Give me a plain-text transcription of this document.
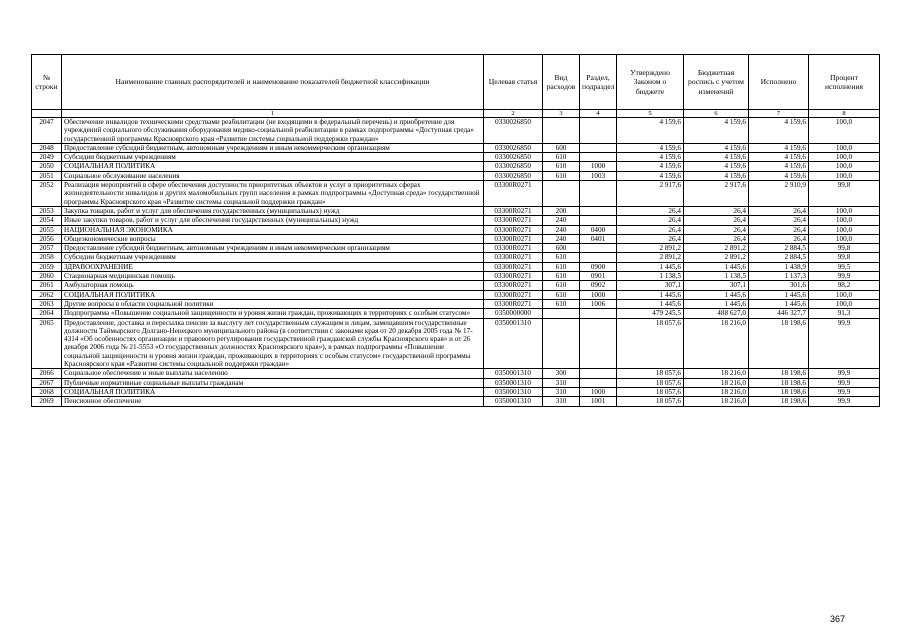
№ строки	Наименование главных распорядителей и наименование показателей бюджетной классификации	Целевая статья	Вид расходов	Раздел, подраздел	Утверждено Законом о бюджете	Бюджетная роспись с учетом изменений	Исполнено	Процент исполнения
	1	2	3	4	5	6	7	8
2047	Обеспечение инвалидов техническими средствами реабилитации (не входящими в федеральный перечень) и приобретение для учреждений социального обслуживания оборудования медико-социальной реабилитации в рамках подпрограммы «Доступная среда» государственной программы Красноярского края «Развитие системы социальной поддержки граждан»	0330026850			4 159,6	4 159,6	4 159,6	100,0
2048	Предоставление субсидий бюджетным, автономным учреждениям и иным некоммерческим организациям	0330026850	600		4 159,6	4 159,6	4 159,6	100,0
2049	Субсидии бюджетным учреждениям	0330026850	610		4 159,6	4 159,6	4 159,6	100,0
2050	СОЦИАЛЬНАЯ ПОЛИТИКА	0330026850	610	1000	4 159,6	4 159,6	4 159,6	100,0
2051	Социальное обслуживание населения	0330026850	610	1003	4 159,6	4 159,6	4 159,6	100,0
2052	Реализация мероприятий в сфере обеспечения доступности приоритетных объектов и услуг в приоритетных сферах жизнедеятельности инвалидов и других маломобильных групп населения в рамках подпрограммы «Доступная среда» государственной программы Красноярского края «Развитие системы социальной поддержки граждан»	03300R0271			2 917,6	2 917,6	2 910,9	99,8
2053	Закупка товаров, работ и услуг для обеспечения государственных (муниципальных) нужд	03300R0271	200		26,4	26,4	26,4	100,0
2054	Иные закупки товаров, работ и услуг для обеспечения государственных (муниципальных) нужд	03300R0271	240		26,4	26,4	26,4	100,0
2055	НАЦИОНАЛЬНАЯ ЭКОНОМИКА	03300R0271	240	0400	26,4	26,4	26,4	100,0
2056	Общеэкономические вопросы	03300R0271	240	0401	26,4	26,4	26,4	100,0
2057	Предоставление субсидий бюджетным, автономным учреждениям и иным некоммерческим организациям	03300R0271	600		2 891,2	2 891,2	2 884,5	99,8
2058	Субсидии бюджетным учреждениям	03300R0271	610		2 891,2	2 891,2	2 884,5	99,8
2059	ЗДРАВООХРАНЕНИЕ	03300R0271	610	0900	1 445,6	1 445,6	1 438,9	99,5
2060	Стационарная медицинская помощь	03300R0271	610	0901	1 138,5	1 138,5	1 137,3	99,9
2061	Амбулаторная помощь	03300R0271	610	0902	307,1	307,1	301,6	98,2
2062	СОЦИАЛЬНАЯ ПОЛИТИКА	03300R0271	610	1000	1 445,6	1 445,6	1 445,6	100,0
2063	Другие вопросы в области социальной политики	03300R0271	610	1006	1 445,6	1 445,6	1 445,6	100,0
2064	Подпрограмма «Повышение социальной защищенности и уровня жизни граждан, проживающих в территориях с особым статусом»	0350000000			479 245,5	488 627,0	446 327,7	91,3
2065	Предоставление, доставка и пересылка пенсии за выслугу лет государственным служащим и лицам, замещавшим государственные должности Таймырского Долгано-Ненецкого муниципального района (в соответствии с законами края от 20 декабря 2005 года № 17-4314 «Об особенностях организации и правового регулирования государственной гражданской службы Красноярского края» и от 26 декабря 2006 года № 21-5553 «О государственных должностях Красноярского края»), в рамках подпрограммы «Повышение социальной защищенности и уровня жизни граждан, проживающих в территориях с особым статусом» государственной программы Красноярского края «Развитие системы социальной поддержки граждан»	0350001310			18 057,6	18 216,0	18 198,6	99,9
2066	Социальное обеспечение и иные выплаты населению	0350001310	300		18 057,6	18 216,0	18 198,6	99,9
2067	Публичные нормативные социальные выплаты гражданам	0350001310	310		18 057,6	18 216,0	18 198,6	99,9
2068	СОЦИАЛЬНАЯ ПОЛИТИКА	0350001310	310	1000	18 057,6	18 216,0	18 198,6	99,9
2069	Пенсионное обеспечение	0350001310	310	1001	18 057,6	18 216,0	18 198,6	99,9
367
